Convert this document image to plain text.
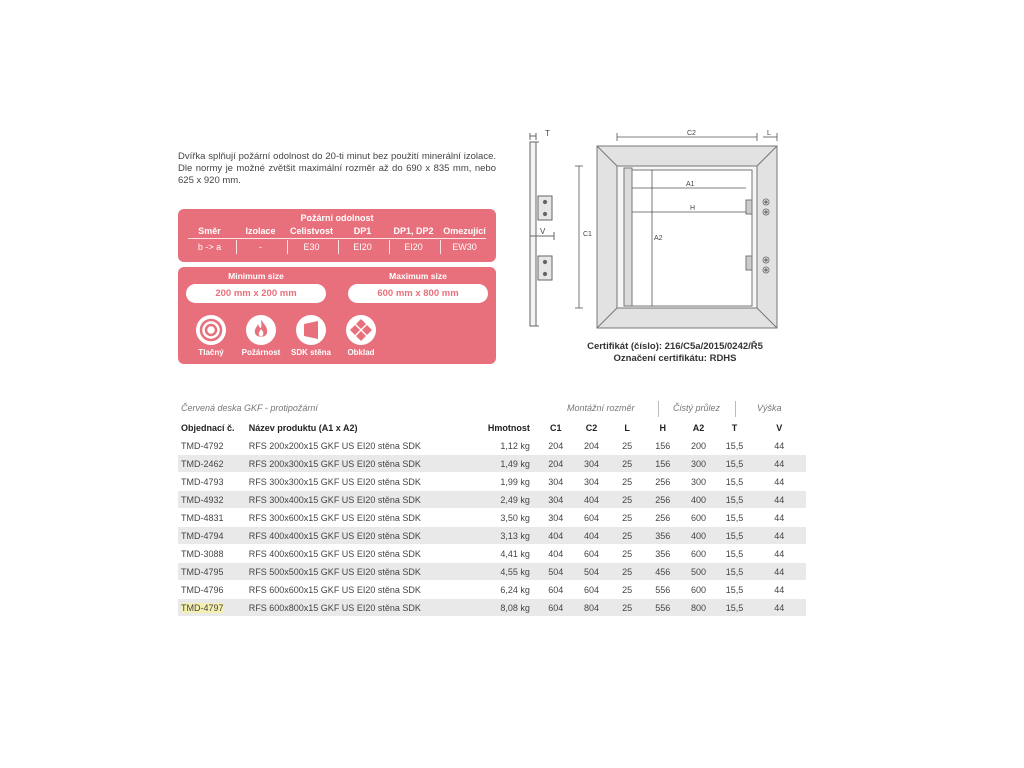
Dvířka splňují požární odolnost do 20-ti minut bez použití minerální izolace. Dle normy je možné zvětšit maximální rozměr až do 690 x 835 mm, nebo 625 x 920 mm.
Požární odolnost
Směr	Izolace	Celistvost	DP1	DP1, DP2	Omezující
b -> a	-	E30	EI20	EI20	EW30
Minimum size
200 mm x 200 mm
Maximum size
600 mm x 800 mm
Tlačný	Požárnost	SDK stěna	Obklad
T
V
C2	L
C1
A1
H
A2
Certifikát (číslo): 216/C5a/2015/0242/Ř5
Označení certifikátu: RDHS
Červená deska GKF - protipožární	Montážní rozměr	Čistý průlez	Výška
Objednací č.	Název produktu (A1 x A2)	Hmotnost	C1	C2	L	H	A2	T	V
TMD-4792	RFS 200x200x15 GKF US EI20 stěna SDK	1,12 kg	204	204	25	156	200	15,5	44
TMD-2462	RFS 200x300x15 GKF US EI20 stěna SDK	1,49 kg	204	304	25	156	300	15,5	44
TMD-4793	RFS 300x300x15 GKF US EI20 stěna SDK	1,99 kg	304	304	25	256	300	15,5	44
TMD-4932	RFS 300x400x15 GKF US EI20 stěna SDK	2,49 kg	304	404	25	256	400	15,5	44
TMD-4831	RFS 300x600x15 GKF US EI20 stěna SDK	3,50 kg	304	604	25	256	600	15,5	44
TMD-4794	RFS 400x400x15 GKF US EI20 stěna SDK	3,13 kg	404	404	25	356	400	15,5	44
TMD-3088	RFS 400x600x15 GKF US EI20 stěna SDK	4,41 kg	404	604	25	356	600	15,5	44
TMD-4795	RFS 500x500x15 GKF US EI20 stěna SDK	4,55 kg	504	504	25	456	500	15,5	44
TMD-4796	RFS 600x600x15 GKF US EI20 stěna SDK	6,24 kg	604	604	25	556	600	15,5	44
TMD-4797	RFS 600x800x15 GKF US EI20 stěna SDK	8,08 kg	604	804	25	556	800	15,5	44
